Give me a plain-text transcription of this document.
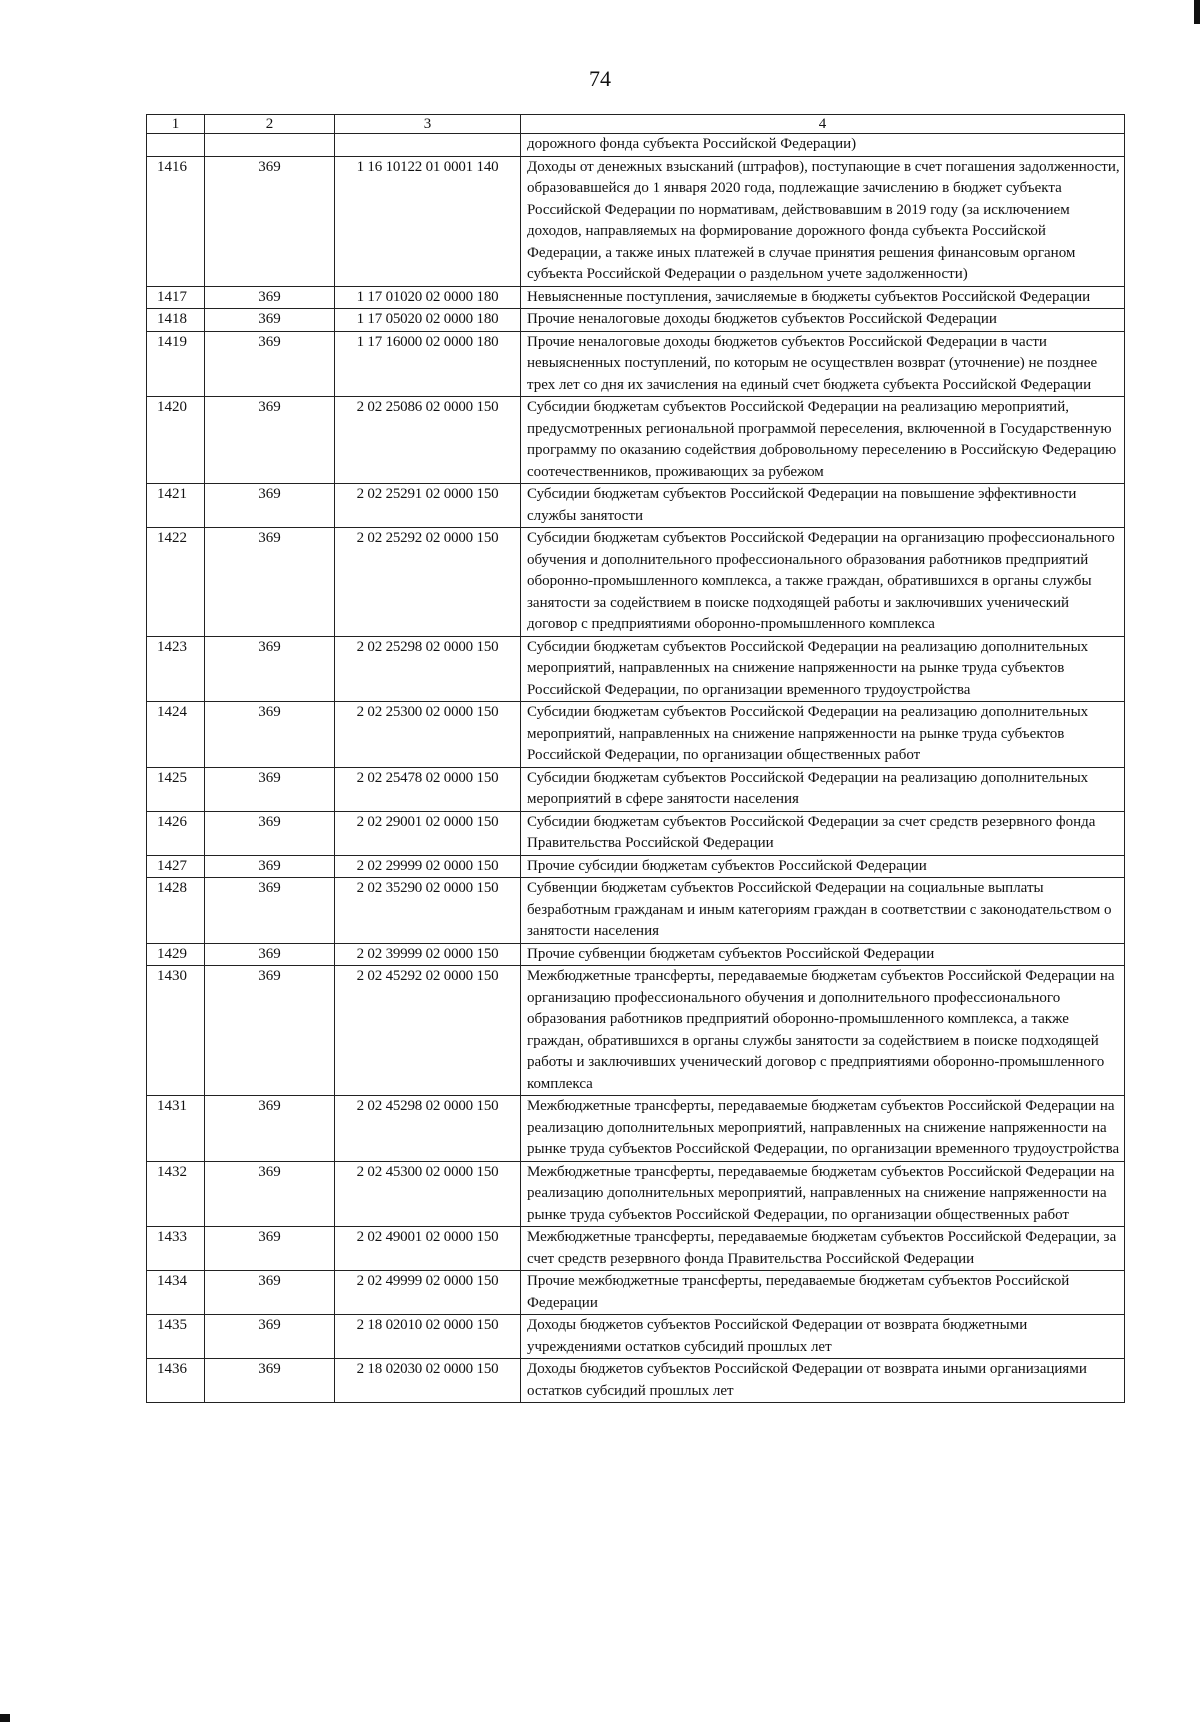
74
1	2	3	4
			дорожного фонда субъекта Российской Федерации)
1416	369	1 16 10122 01 0001 140	Доходы от денежных взысканий (штрафов), поступающие в счет погашения задолженности, образовавшейся до 1 января 2020 года, подлежащие зачислению в бюджет субъекта Российской Федерации по нормативам, действовавшим в 2019 году (за исключением доходов, направляемых на формирование дорожного фонда субъекта Российской Федерации, а также иных платежей в случае принятия решения финансовым органом субъекта Российской Федерации о раздельном учете задолженности)
1417	369	1 17 01020 02 0000 180	Невыясненные поступления, зачисляемые в бюджеты субъектов Российской Федерации
1418	369	1 17 05020 02 0000 180	Прочие неналоговые доходы бюджетов субъектов Российской Федерации
1419	369	1 17 16000 02 0000 180	Прочие неналоговые доходы бюджетов субъектов Российской Федерации в части невыясненных поступлений, по которым не осуществлен возврат (уточнение) не позднее трех лет со дня их зачисления на единый счет бюджета субъекта Российской Федерации
1420	369	2 02 25086 02 0000 150	Субсидии бюджетам субъектов Российской Федерации на реализацию мероприятий, предусмотренных региональной программой переселения, включенной в Государственную программу по оказанию содействия добровольному переселению в Российскую Федерацию соотечественников, проживающих за рубежом
1421	369	2 02 25291 02 0000 150	Субсидии бюджетам субъектов Российской Федерации на повышение эффективности службы занятости
1422	369	2 02 25292 02 0000 150	Субсидии бюджетам субъектов Российской Федерации на организацию профессионального обучения и дополнительного профессионального образования работников предприятий оборонно-промышленного комплекса, а также граждан, обратившихся в органы службы занятости за содействием в поиске подходящей работы и заключивших ученический договор с предприятиями оборонно-промышленного комплекса
1423	369	2 02 25298 02 0000 150	Субсидии бюджетам субъектов Российской Федерации на реализацию дополнительных мероприятий, направленных на снижение напряженности на рынке труда субъектов Российской Федерации, по организации временного трудоустройства
1424	369	2 02 25300 02 0000 150	Субсидии бюджетам субъектов Российской Федерации на реализацию дополнительных мероприятий, направленных на снижение напряженности на рынке труда субъектов Российской Федерации, по организации общественных работ
1425	369	2 02 25478 02 0000 150	Субсидии бюджетам субъектов Российской Федерации на реализацию дополнительных мероприятий в сфере занятости населения
1426	369	2 02 29001 02 0000 150	Субсидии бюджетам субъектов Российской Федерации за счет средств резервного фонда Правительства Российской Федерации
1427	369	2 02 29999 02 0000 150	Прочие субсидии бюджетам субъектов Российской Федерации
1428	369	2 02 35290 02 0000 150	Субвенции бюджетам субъектов Российской Федерации на социальные выплаты безработным гражданам и иным категориям граждан в соответствии с законодательством о занятости населения
1429	369	2 02 39999 02 0000 150	Прочие субвенции бюджетам субъектов Российской Федерации
1430	369	2 02 45292 02 0000 150	Межбюджетные трансферты, передаваемые бюджетам субъектов Российской Федерации на организацию профессионального обучения и дополнительного профессионального образования работников предприятий оборонно-промышленного комплекса, а также граждан, обратившихся в органы службы занятости за содействием в поиске подходящей работы и заключивших ученический договор с предприятиями оборонно-промышленного комплекса
1431	369	2 02 45298 02 0000 150	Межбюджетные трансферты, передаваемые бюджетам субъектов Российской Федерации на реализацию дополнительных мероприятий, направленных на снижение напряженности на рынке труда субъектов Российской Федерации, по организации временного трудоустройства
1432	369	2 02 45300 02 0000 150	Межбюджетные трансферты, передаваемые бюджетам субъектов Российской Федерации на реализацию дополнительных мероприятий, направленных на снижение напряженности на рынке труда субъектов Российской Федерации, по организации общественных работ
1433	369	2 02 49001 02 0000 150	Межбюджетные трансферты, передаваемые бюджетам субъектов Российской Федерации, за счет средств резервного фонда Правительства Российской Федерации
1434	369	2 02 49999 02 0000 150	Прочие межбюджетные трансферты, передаваемые бюджетам субъектов Российской Федерации
1435	369	2 18 02010 02 0000 150	Доходы бюджетов субъектов Российской Федерации от возврата бюджетными учреждениями остатков субсидий прошлых лет
1436	369	2 18 02030 02 0000 150	Доходы бюджетов субъектов Российской Федерации от возврата иными организациями остатков субсидий прошлых лет
